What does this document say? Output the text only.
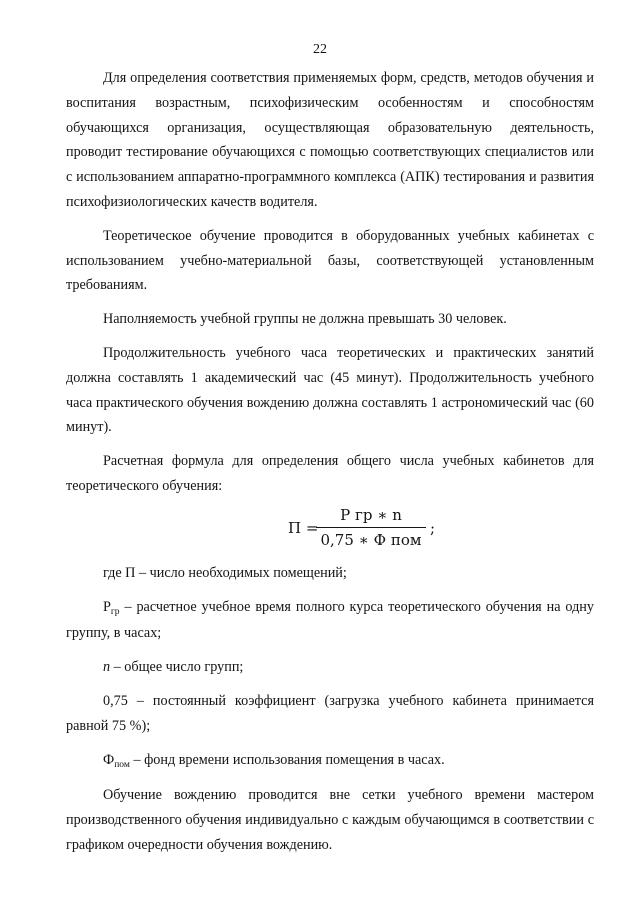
22

Для определения соответствия применяемых форм, средств, методов обучения и воспитания возрастным, психофизическим особенностям и способностям обучающихся организация, осуществляющая образовательную деятельность, проводит тестирование обучающихся с помощью соответствующих специалистов или с использованием аппаратно-программного комплекса (АПК) тестирования и развития психофизиологических качеств водителя.

Теоретическое обучение проводится в оборудованных учебных кабинетах с использованием учебно-материальной базы, соответствующей установленным требованиям.

Наполняемость учебной группы не должна превышать 30 человек.

Продолжительность учебного часа теоретических и практических занятий должна составлять 1 академический час (45 минут). Продолжительность учебного часа практического обучения вождению должна составлять 1 астрономический час (60 минут).

Расчетная формула для определения общего числа учебных кабинетов для теоретического обучения:

П =
Р гр ∗ n
0,75 ∗ Ф пом
;

где П – число необходимых помещений;

$Р_{гр}$ – расчетное учебное время полного курса теоретического обучения на одну группу, в часах;

n – общее число групп;

0,75 – постоянный коэффициент (загрузка учебного кабинета принимается равной 75 %);

$Ф_{пом}$ – фонд времени использования помещения в часах.

Обучение вождению проводится вне сетки учебного времени мастером производственного обучения индивидуально с каждым обучающимся в соответствии с графиком очередности обучения вождению.
